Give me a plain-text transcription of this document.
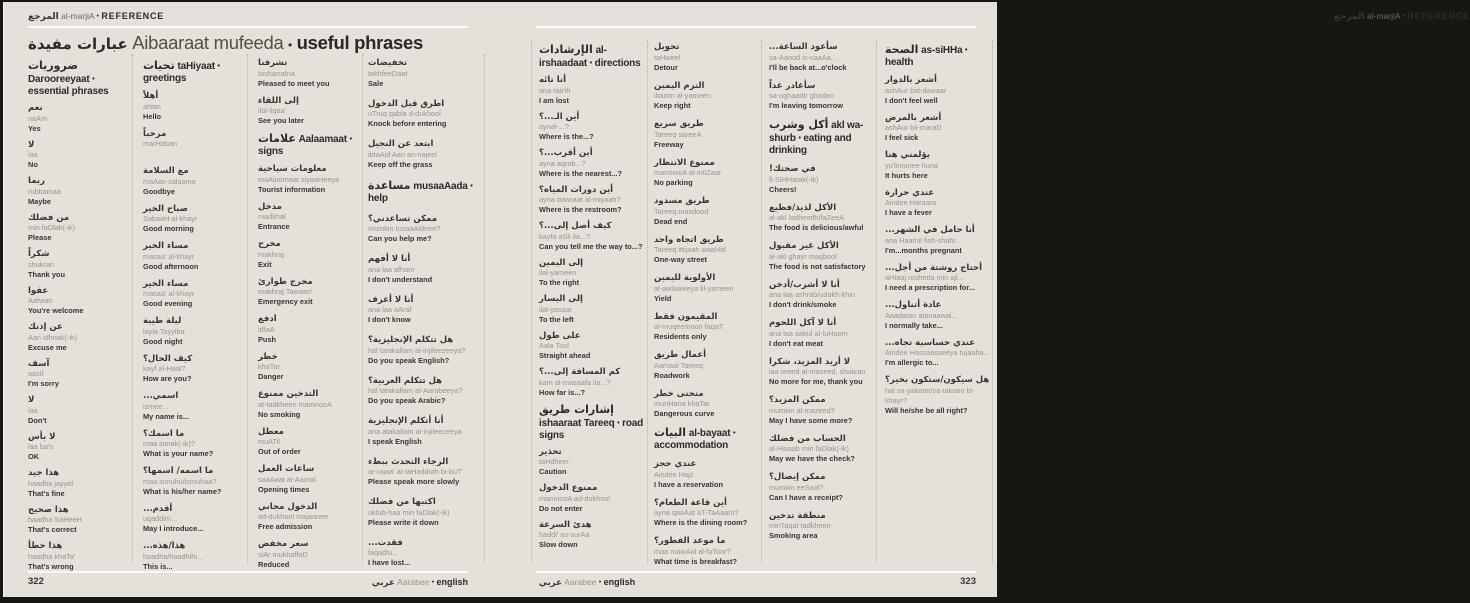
المرجع al-marjiA • REFERENCE
عبارات مفيدة Aibaaraat mufeeda • useful phrases
ضروريات Darooreeyaat • essential phrases
نعم
naAm
Yes
لا
laa
No
ربما
rubbamaa
Maybe
من فضلك
min faDlak(-ik)
Please
شكراً
shukran
Thank you
عفوا
Aafwan
You're welcome
عن إذنك
Aan idhnak(-ik)
Excuse me
آسف
aasif
I'm sorry
لا
laa
Don't
لا بأس
laa ba's
OK
هذا جيد
haadha jayyid
That's fine
هذا صحيح
haadha SaHeeH
That's correct
هذا خطأ
haadha khaTa'
That's wrong
تحيات taHiyaat • greetings
أهلاً
ahlan
Hello
مرحباً
marHaban
مع السلامة
maAas-salaama
Goodbye
صباح الخير
SabaaH al-khayr
Good morning
مساء الخير
masaa' al-khayr
Good afternoon
مساء الخير
masaa' al-khayr
Good evening
ليلة طيبة
layla Tayyiba
Good night
كيف الحال؟
kayf al-Haal?
How are you?
اسمي...
ismee...
My name is...
ما اسمك؟
maa ismak(-ik)?
What is your name?
ما اسمه/ اسمها؟
maa ismuhu/ismuhaa?
What is his/her name?
أقدم...
uqaddim...
May I introduce...
هذا/هذه...
haadha/haadhihi...
This is...
تشرفنا
tasharrafna
Pleased to meet you
إلى اللقاء
ilal-liqaa'
See you later
علامات Aalaamaat • signs
معلومات سياحية
maAloomaat siyaaHeeya
Tourist information
مدخل
madkhal
Entrance
مخرج
makhraj
Exit
مخرج طوارئ
makhraj Tawaari'
Emergency exit
ادفع
idfaA
Push
خطر
khaTar
Danger
التدخين ممنوع
at-tadkheen mamnooA
No smoking
معطل
muATil
Out of order
ساعات العمل
saaAaat al-Aamal
Opening times
الدخول مجاني
ad-dukhool majaanee
Free admission
سعر مخفض
siAr mukhaffaD
Reduced
تخفيضات
takhfeeDaat
Sale
اطرق قبل الدخول
uTruq qabla d-dukhool
Knock before entering
ابتعد عن النجيل
ibtaAid Aan an-najeel
Keep off the grass
مساعدة musaaAada • help
ممكن تساعدني؟
mumkin tusaaAidnee?
Can you help me?
أنا لا أفهم
ana laa afham
I don't understand
أنا لا أعرف
ana laa aAraf
I don't know
هل تتكلم الإنجليزية؟
hal tatakallam al-injileezeeya?
Do you speak English?
هل تتكلم العربية؟
hal tatakallam al-Aarabeeya?
Do you speak Arabic?
أنا أتكلم الإنجليزية
ana atakallam al-injileezeeya
I speak English
الرجاء التحدث ببطء
ar-rajaa' at-taHadduth bi-buT'
Please speak more slowly
اكتبها من فضلك
uktub-haa min faDlak(-ik)
Please write it down
فقدت...
faqadtu...
I have lost...
322	عربي Aarabee • english
المرجع al-marjiA • REFERENCE
الإرشادات al-irshaadaat • directions
أنا تائه
ana taa'ih
I am lost
أين الـ...؟
aynal-...?
Where is the...?
أين أقرب...؟
ayna aqrab...?
Where is the nearest...?
أين دورات المياه؟
ayna dawraat al-miyaah?
Where is the restroom?
كيف أصل إلى...؟
kayfa aSil ila...?
Can you tell me the way to...?
إلى اليمين
ilal-yameen
To the right
إلى اليسار
ilal-yasaar
To the left
على طول
Aala Tool
Straight ahead
كم المسافة إلى...؟
kam al-masaafa ila...?
How far is...?
إشارات طريق ishaaraat Tareeq • road signs
تحذير
taHdheer
Caution
ممنوع الدخول
mamnooA ad-dukhool
Do not enter
هدئ السرعة
haddi' as-surAa
Slow down
تحويل
taHweel
Detour
التزم اليمين
iltazim al-yameen
Keep right
طريق سريع
Tareeq sareeA
Freeway
ممنوع الانتظار
mamnooA al-intiZaar
No parking
طريق مسدود
Tareeq masdood
Dead end
طريق اتجاه واحد
Tareeq ittijaah waaHid
One-way street
الأولوية لليمين
al-awlaweeya lil-yameen
Yield
المقيمون فقط
al-muqeemoon faqaT
Residents only
أعمال طريق
Aamaal Tareeq
Roadwork
منحنى خطر
munHana khaTar
Dangerous curve
البيات al-bayaat • accommodation
عندي حجز
Aindee Hajz
I have a reservation
أين قاعة الطعام؟
ayna qaaAat aT-TaAaam?
Where is the dining room?
ما موعد الفطور؟
maa mawAid al-fuToor?
What time is breakfast?
سأعود الساعة...
sa-Aaood is-saaAa...
I'll be back at...o'clock
سأغادر غداً
sa-ughaadir ghadan
I'm leaving tomorrow
أكل وشرب akl wa-shurb • eating and drinking
في صحتك!
fi-SiHHatak(-ik)
Cheers!
الأكل لذيذ/فظيع
al-akl ladheedh/faZeeA
The food is delicious/awful
الأكل غير مقبول
al-akl ghayr maqbool
The food is not satisfactory
أنا لا أشرب/أدخن
ana laa ashrab/udakh-khin
I don't drink/smoke
أنا لا آكل اللحوم
ana laa aakul al-luHoom
I don't eat meat
لا أريد المزيد، شكرا
laa ureed al-mazeed, shukran
No more for me, thank you
ممكن المزيد؟
mumkin al-mazeed?
May I have some more?
الحساب من فضلك
al-Hisaab min faDlak(-ik)
May we have the check?
ممكن إيصال؟
mumkin eeSaal?
Can I have a receipt?
منطقة تدخين
minTaqat tadkheen
Smoking area
الصحة as-siHHa • health
أشعر بالدوار
ashAur bid-dawaar
I don't feel well
أشعر بالمرض
ashAur bil-maraD
I feel sick
يؤلمني هنا
yu'limunee huna
It hurts here
عندي حرارة
Aindee Haraara
I have a fever
أنا حامل في الشهر...
ana Haamil fish-shahr...
I'm...months pregnant
أحتاج روشتة من أجل...
aHtaaj roshetta min ajl...
I need a prescription for...
عادة أتناول...
Aaadatan atanaawal...
I normally take...
عندي حساسية تجاه...
Aindee Hassaasseeya tujaaha...
I'm allergic to...
هل سيكون/ستكون بخير؟
hal sa-yakoon/sa-takoon bi-khayr?
Will he/she be all right?
عربي Aarabee • english	323
